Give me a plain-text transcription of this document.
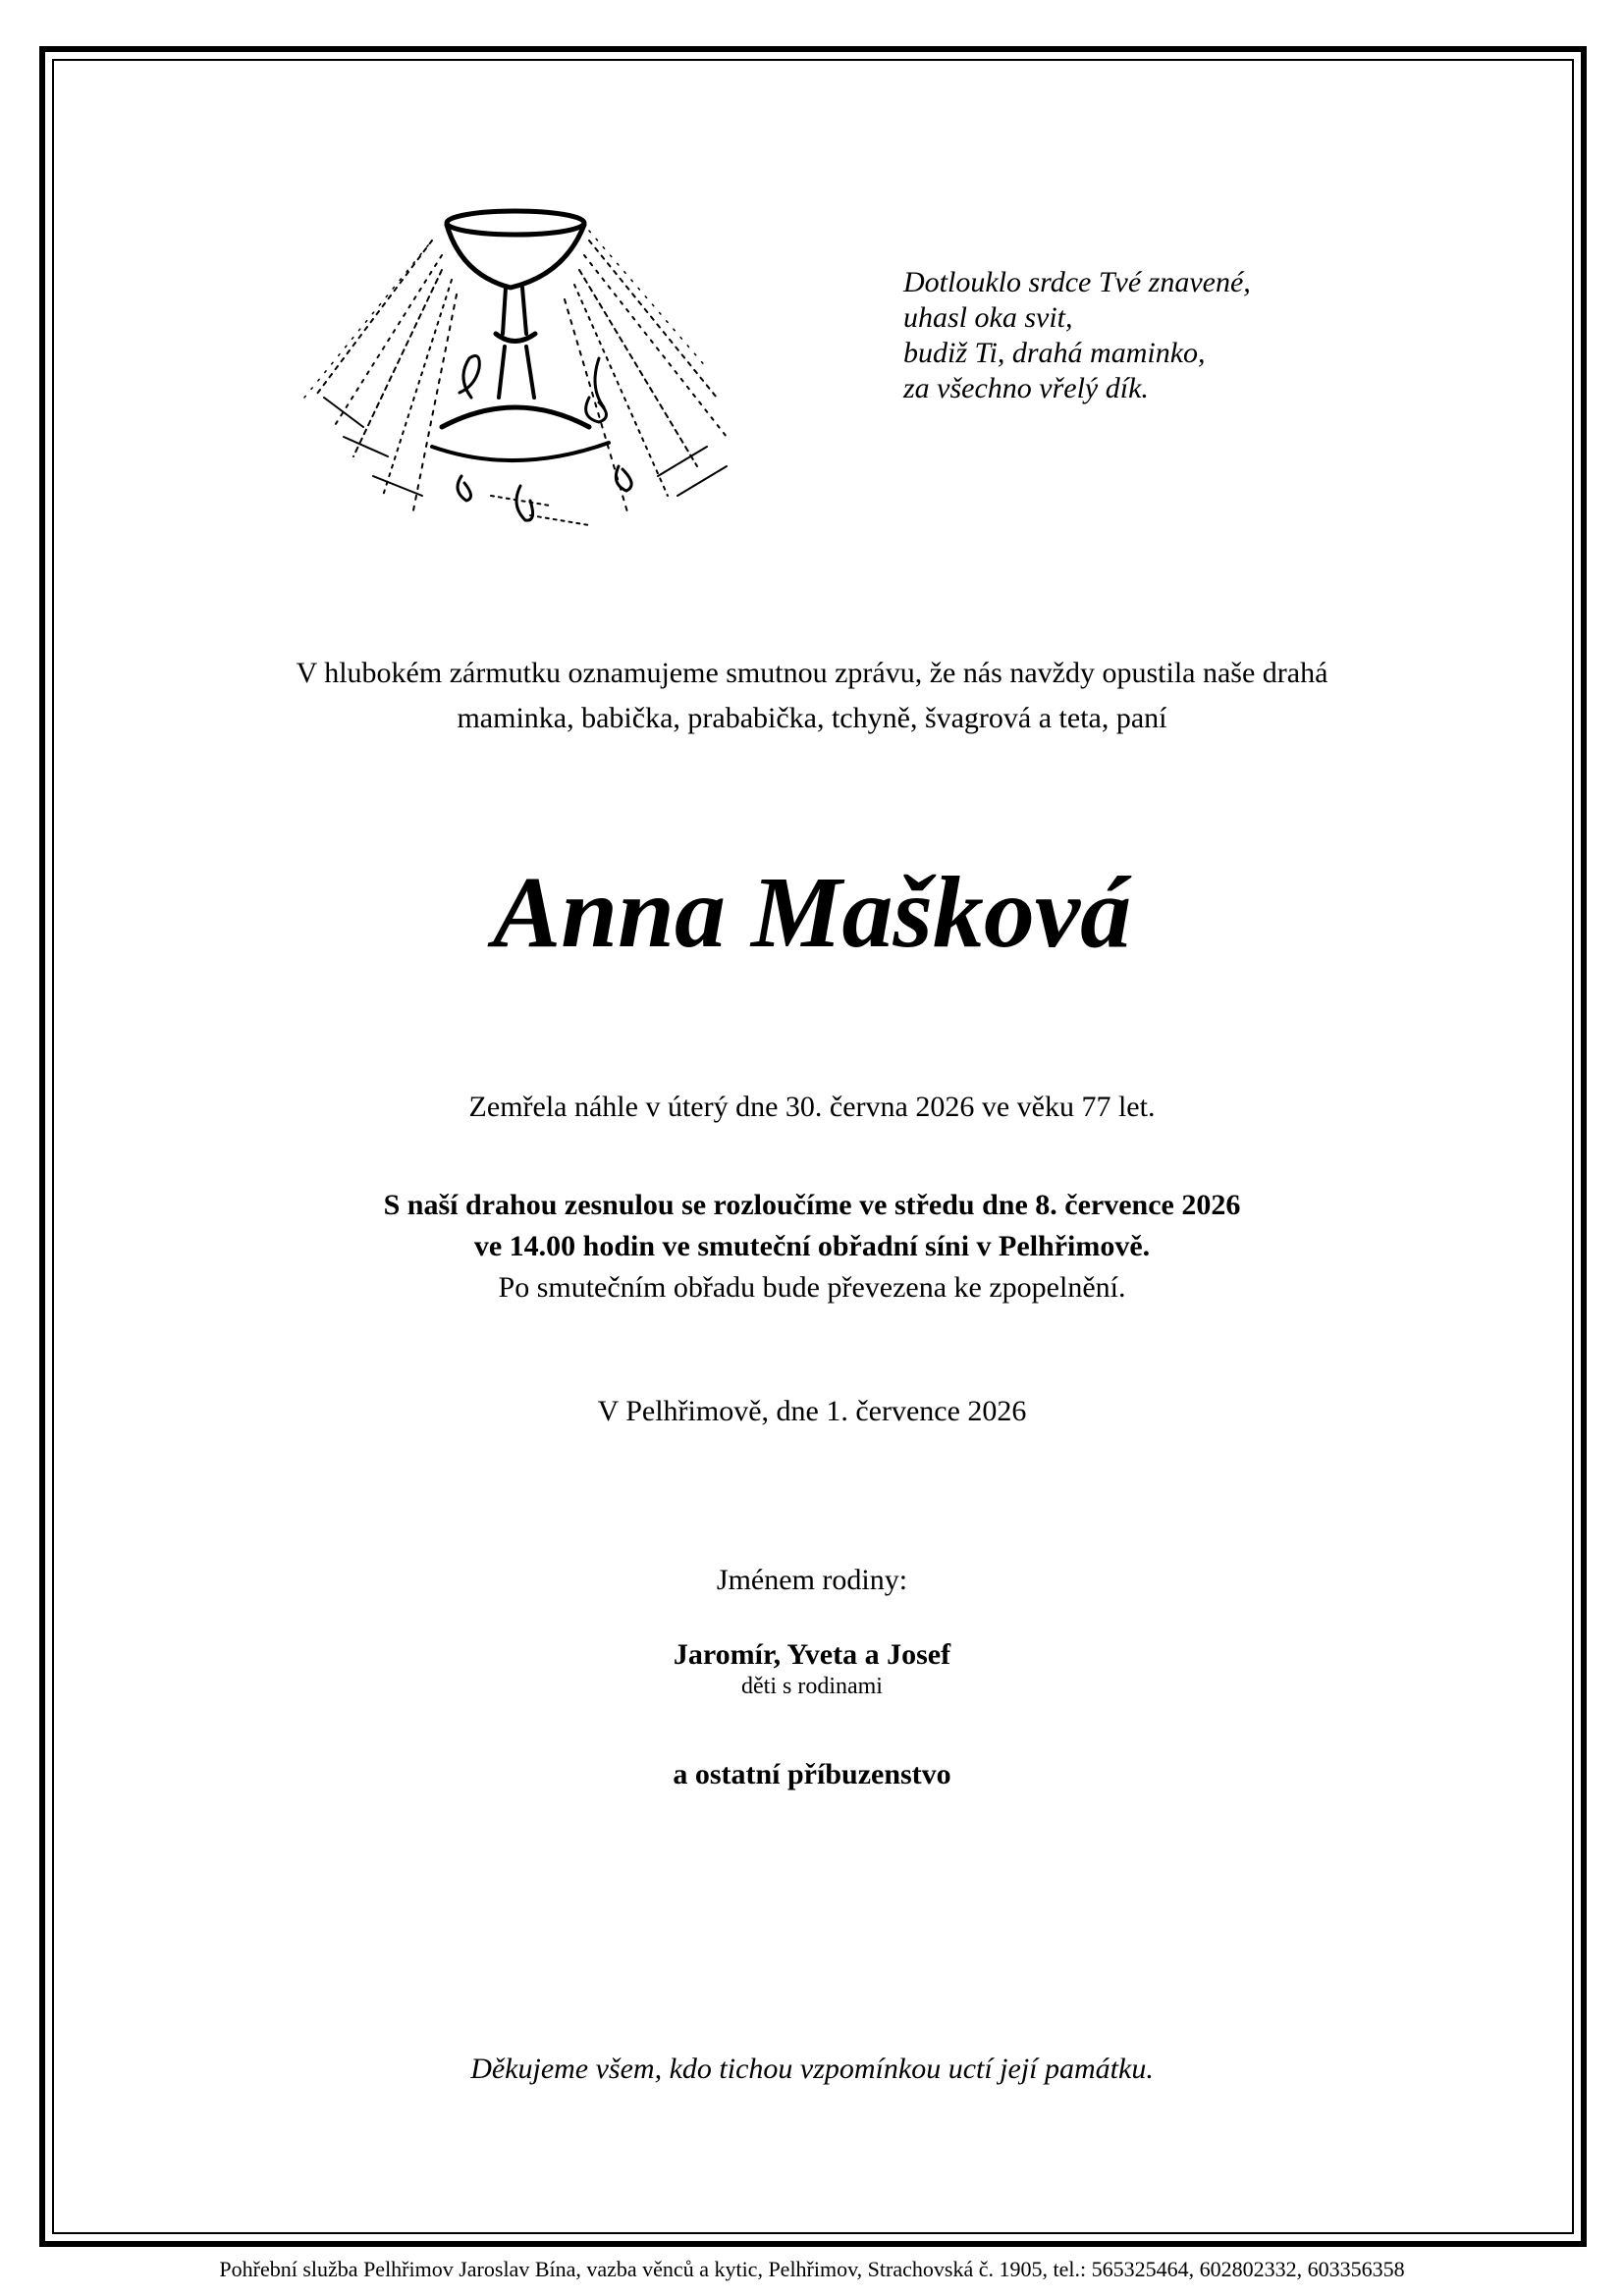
Dotlouklo srdce Tvé znavené,
uhasl oka svit,
budiž Ti, drahá maminko,
za všechno vřelý dík.
V hlubokém zármutku oznamujeme smutnou zprávu, že nás navždy opustila naše drahá
maminka, babička, prababička, tchyně, švagrová a teta, paní
Anna Mašková
Zemřela náhle v úterý dne 30. června 2026 ve věku 77 let.
S naší drahou zesnulou se rozloučíme ve středu dne 8. července 2026
ve 14.00 hodin ve smuteční obřadní síni v Pelhřimově.
Po smutečním obřadu bude převezena ke zpopelnění.
V Pelhřimově, dne 1. července 2026
Jménem rodiny:
Jaromír, Yveta a Josef
děti s rodinami
a ostatní příbuzenstvo
Děkujeme všem, kdo tichou vzpomínkou uctí její památku.
Pohřební služba Pelhřimov Jaroslav Bína, vazba věnců a kytic, Pelhřimov, Strachovská č. 1905, tel.: 565325464, 602802332, 603356358
